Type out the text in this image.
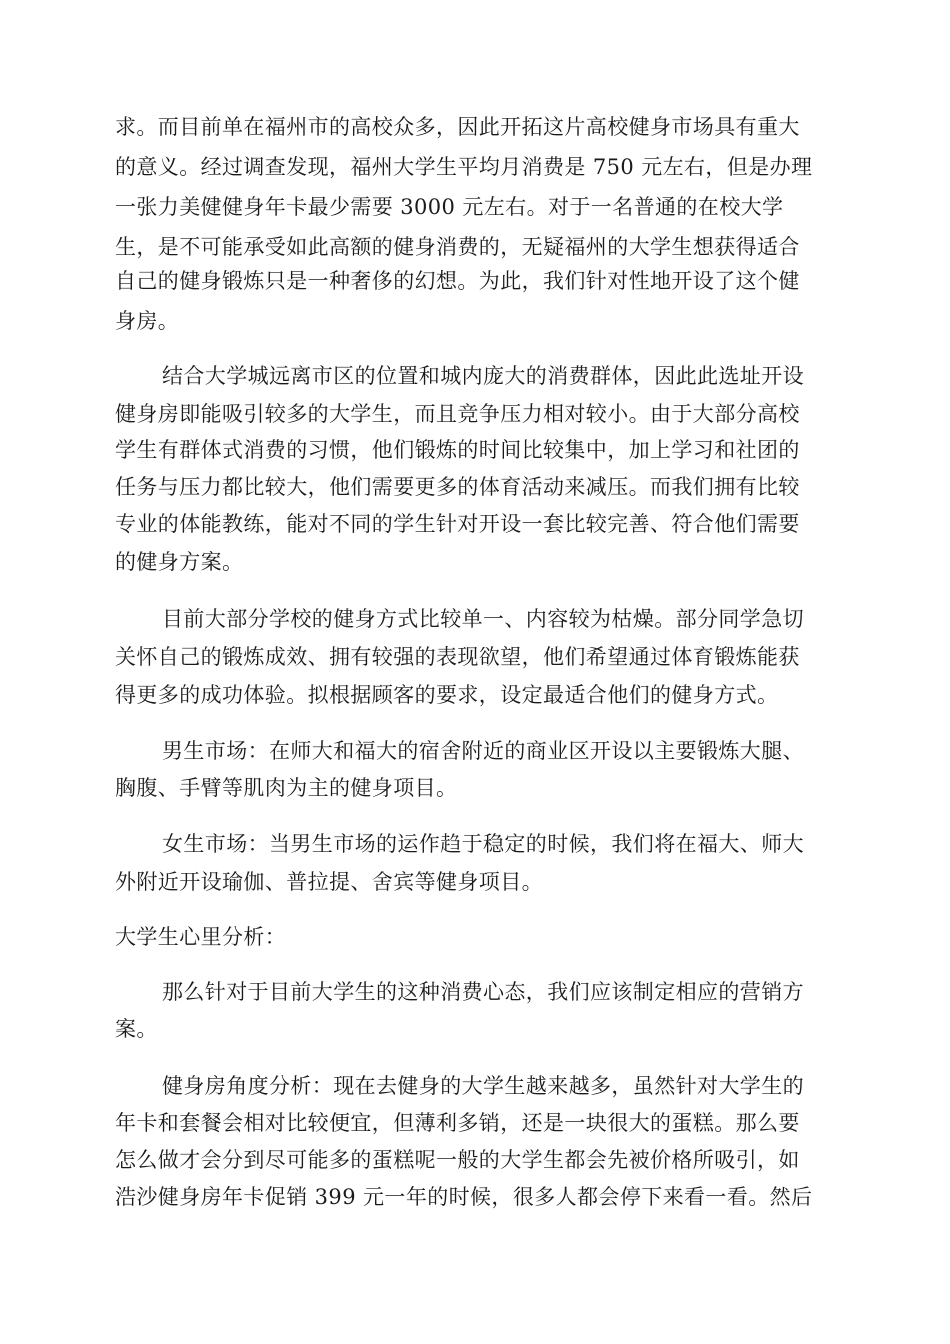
求。而目前单在福州市的高校众多，因此开拓这片高校健身市场具有重大
的意义。经过调查发现，福州大学生平均月消费是 750 元左右，但是办理
一张力美健健身年卡最少需要 3000 元左右。对于一名普通的在校大学
生，是不可能承受如此高额的健身消费的，无疑福州的大学生想获得适合
自己的健身锻炼只是一种奢侈的幻想。为此，我们针对性地开设了这个健
身房。
结合大学城远离市区的位置和城内庞大的消费群体，因此此选址开设
健身房即能吸引较多的大学生，而且竞争压力相对较小。由于大部分高校
学生有群体式消费的习惯，他们锻炼的时间比较集中，加上学习和社团的
任务与压力都比较大，他们需要更多的体育活动来减压。而我们拥有比较
专业的体能教练，能对不同的学生针对开设一套比较完善、符合他们需要
的健身方案。
目前大部分学校的健身方式比较单一、内容较为枯燥。部分同学急切
关怀自己的锻炼成效、拥有较强的表现欲望，他们希望通过体育锻炼能获
得更多的成功体验。拟根据顾客的要求，设定最适合他们的健身方式。
男生市场：在师大和福大的宿舍附近的商业区开设以主要锻炼大腿、
胸腹、手臂等肌肉为主的健身项目。
女生市场：当男生市场的运作趋于稳定的时候，我们将在福大、师大
外附近开设瑜伽、普拉提、舍宾等健身项目。
大学生心里分析：
那么针对于目前大学生的这种消费心态，我们应该制定相应的营销方
案。
健身房角度分析：现在去健身的大学生越来越多，虽然针对大学生的
年卡和套餐会相对比较便宜，但薄利多销，还是一块很大的蛋糕。那么要
怎么做才会分到尽可能多的蛋糕呢一般的大学生都会先被价格所吸引，如
浩沙健身房年卡促销 399 元一年的时候，很多人都会停下来看一看。然后
